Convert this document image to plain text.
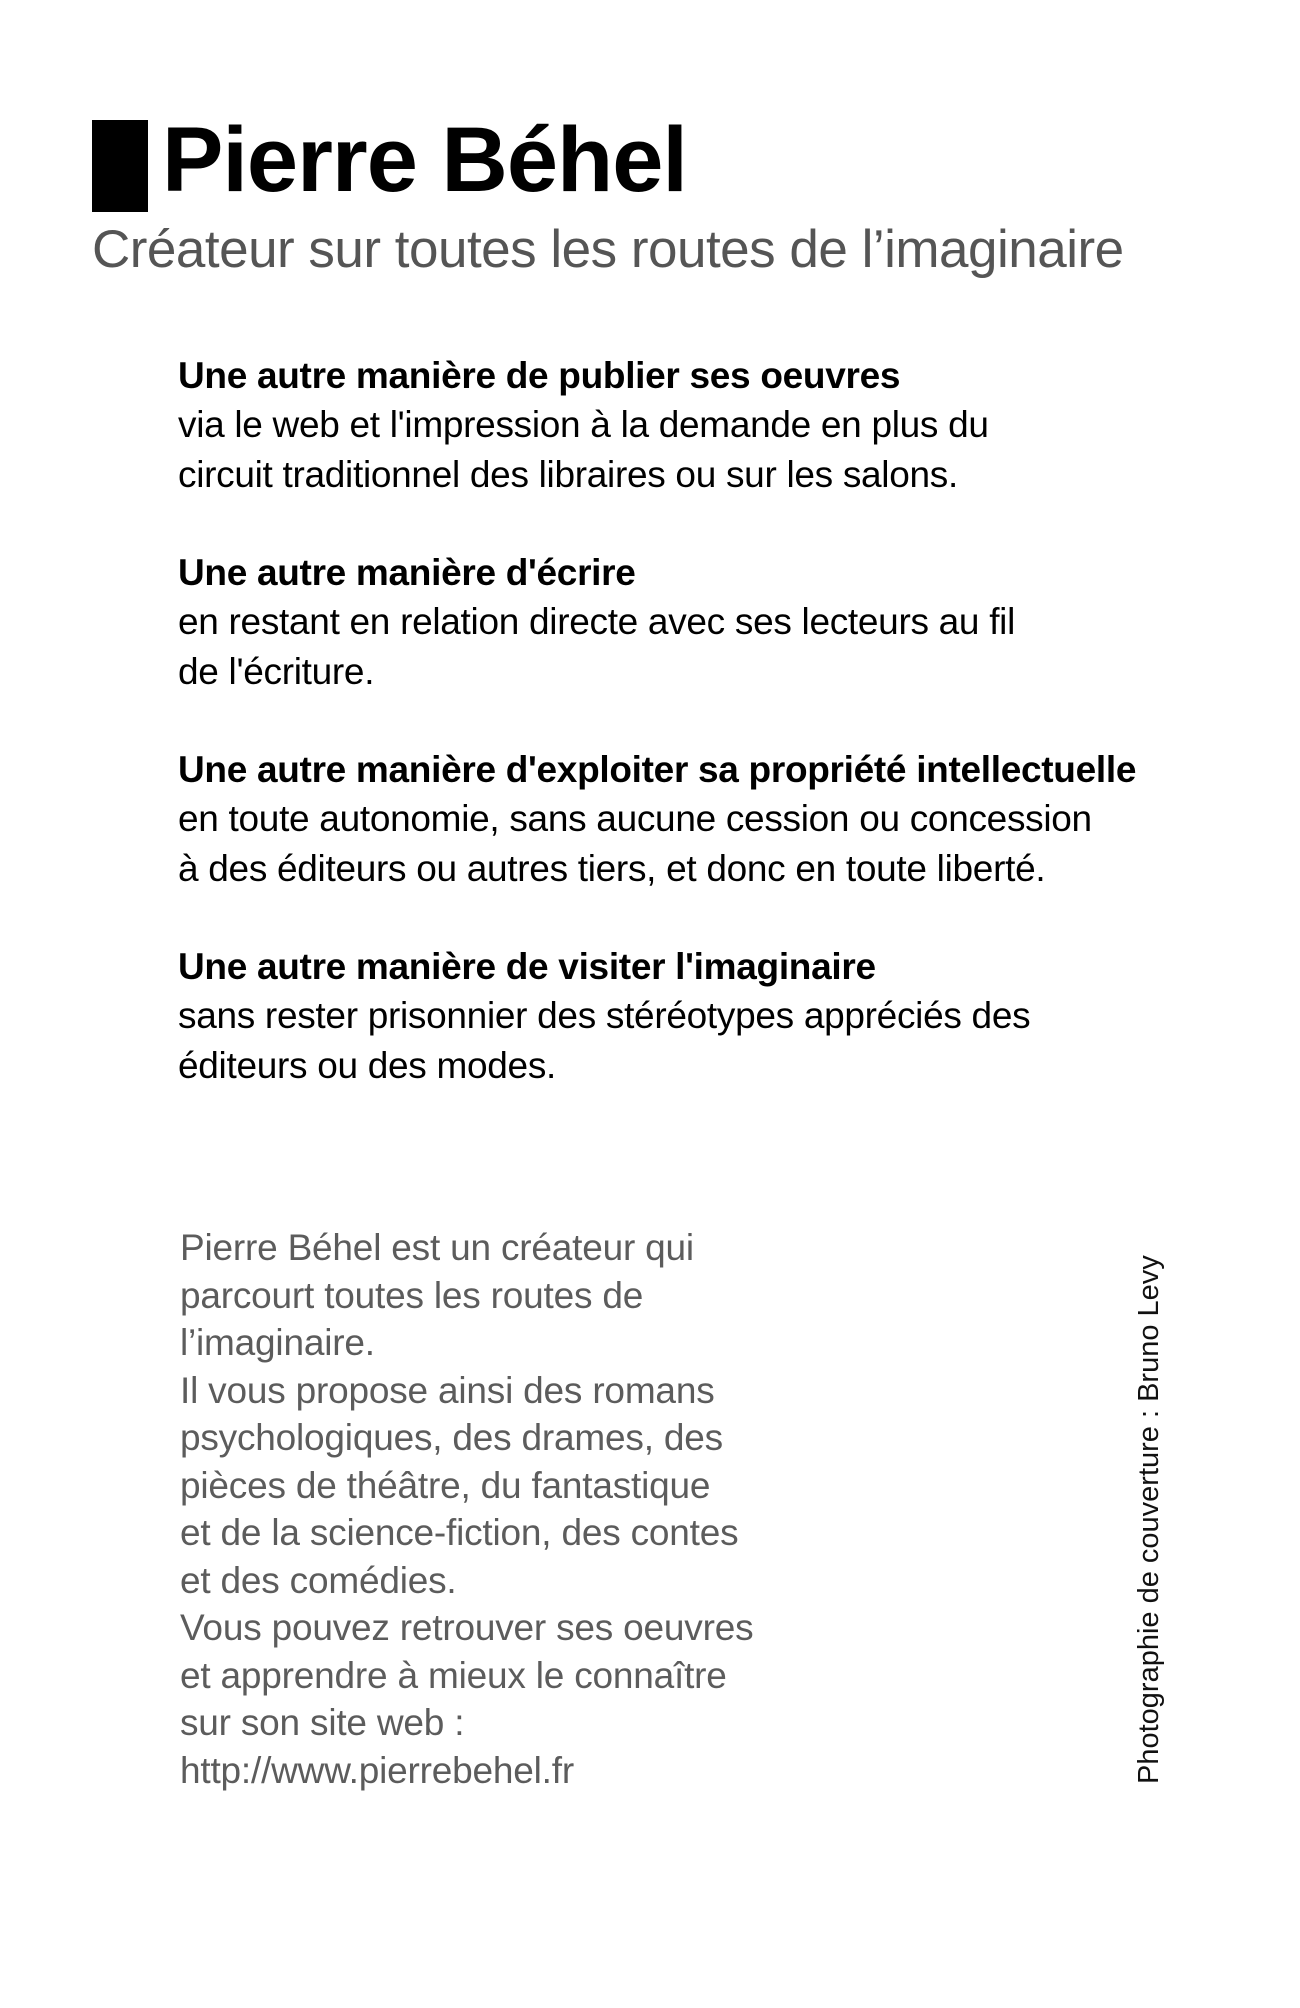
Pierre Béhel

Créateur sur toutes les routes de l’imaginaire

Une autre manière de publier ses oeuvres

via le web et l'impression à la demande en plus du
circuit traditionnel des libraires ou sur les salons.

Une autre manière d'écrire

en restant en relation directe avec ses lecteurs au fil
de l'écriture.

Une autre manière d'exploiter sa propriété intellectuelle

en toute autonomie, sans aucune cession ou concession
à des éditeurs ou autres tiers, et donc en toute liberté.

Une autre manière de visiter l'imaginaire

sans rester prisonnier des stéréotypes appréciés des
éditeurs ou des modes.

Pierre Béhel est un créateur qui
parcourt toutes les routes de
l’imaginaire.
Il vous propose ainsi des romans
psychologiques, des drames, des
pièces de théâtre, du fantastique
et de la science-fiction, des contes
et des comédies.
Vous pouvez retrouver ses oeuvres
et apprendre à mieux le connaître
sur son site web :
http://www.pierrebehel.fr	Photographie de couverture : Bruno Levy
